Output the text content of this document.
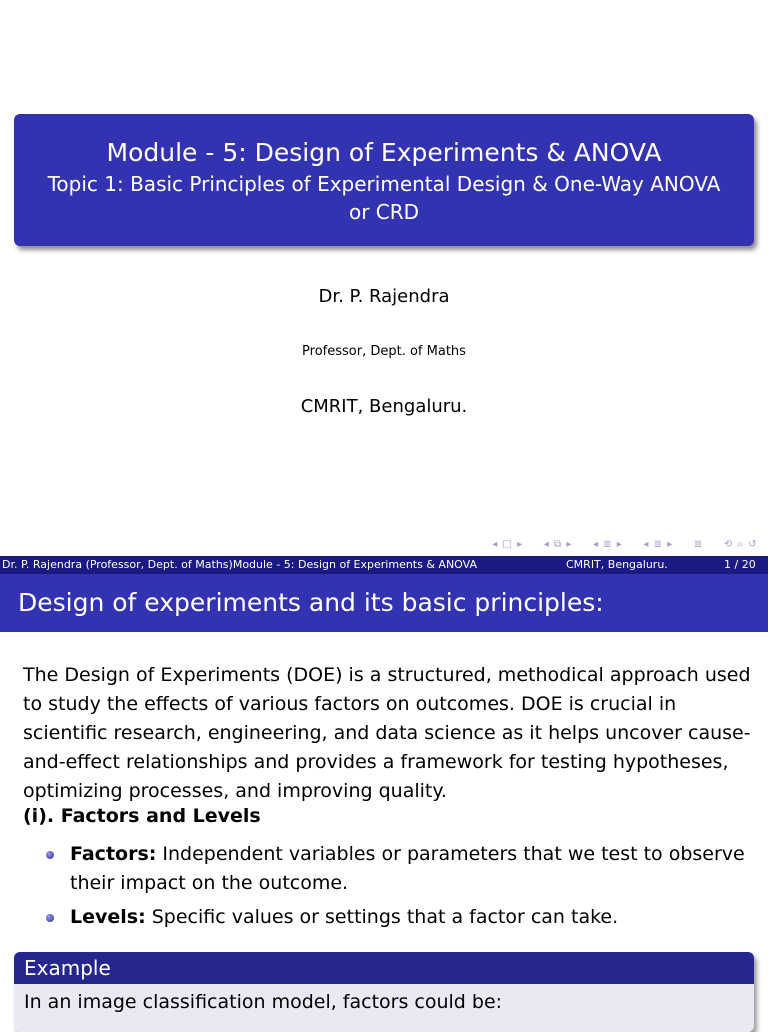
Module - 5: Design of Experiments & ANOVA
Topic 1: Basic Principles of Experimental Design & One-Way ANOVA or CRD
Dr. P. Rajendra
Professor, Dept. of Maths
CMRIT, Bengaluru.
◂ □ ▸ ◂ ⧉ ▸ ◂ ≣ ▸ ◂ ≣ ▸ ≣ ⟲ ⌕ ↺
Dr. P. Rajendra (Professor, Dept. of Maths)Module - 5: Design of Experiments & ANOVA	CMRIT, Bengaluru.	1 / 20
Design of experiments and its basic principles:
The Design of Experiments (DOE) is a structured, methodical approach used to study the effects of various factors on outcomes. DOE is crucial in scientific research, engineering, and data science as it helps uncover cause-and-effect relationships and provides a framework for testing hypotheses, optimizing processes, and improving quality.
(i). Factors and Levels
Factors: Independent variables or parameters that we test to observe their impact on the outcome.
Levels: Specific values or settings that a factor can take.
Example
In an image classification model, factors could be:
